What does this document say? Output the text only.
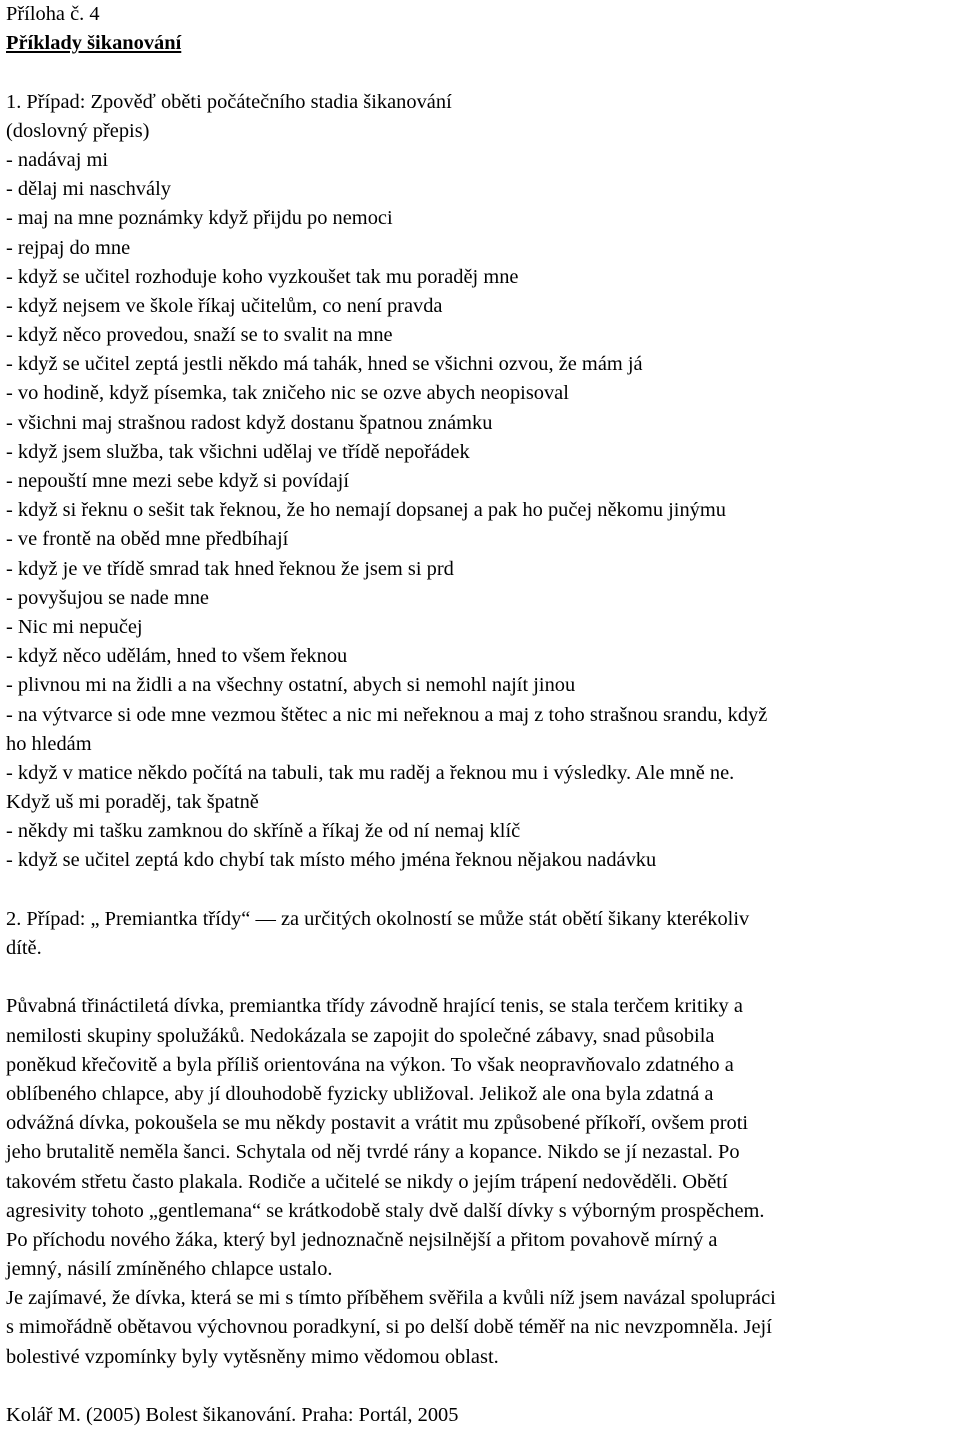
Příloha č. 4
Příklady šikanování
1. Případ: Zpověď oběti počátečního stadia šikanování
(doslovný přepis)
- nadávaj mi
- dělaj mi naschvály
- maj na mne poznámky když přijdu po nemoci
- rejpaj do mne
- když se učitel rozhoduje koho vyzkoušet tak mu poraděj mne
- když nejsem ve škole říkaj učitelům, co není pravda
- když něco provedou, snaží se to svalit na mne
- když se učitel zeptá jestli někdo má tahák, hned se všichni ozvou, že mám já
- vo hodině, když písemka, tak zničeho nic se ozve abych neopisoval
- všichni maj strašnou radost když dostanu špatnou známku
- když jsem služba, tak všichni udělaj ve třídě nepořádek
- nepouští mne mezi sebe když si povídají
- když si řeknu o sešit tak řeknou, že ho nemají dopsanej a pak ho pučej někomu jinýmu
- ve frontě na oběd mne předbíhají
- když je ve třídě smrad tak hned řeknou že jsem si prd
- povyšujou se nade mne
- Nic mi nepučej
- když něco udělám, hned to všem řeknou
- plivnou mi na židli a na všechny ostatní, abych si nemohl najít jinou
- na výtvarce si ode mne vezmou štětec a nic mi neřeknou a maj z toho strašnou srandu, když
ho hledám
- když v matice někdo počítá na tabuli, tak mu raděj a řeknou mu i výsledky. Ale mně ne.
Když uš mi poraděj, tak špatně
- někdy mi tašku zamknou do skříně a říkaj že od ní nemaj klíč
- když se učitel zeptá kdo chybí tak místo mého jména řeknou nějakou nadávku
2. Případ: „ Premiantka třídy“ — za určitých okolností se může stát obětí šikany kterékoliv
dítě.
Půvabná třináctiletá dívka, premiantka třídy závodně hrající tenis, se stala terčem kritiky a
nemilosti skupiny spolužáků. Nedokázala se zapojit do společné zábavy, snad působila
poněkud křečovitě a byla příliš orientována na výkon. To však neopravňovalo zdatného a
oblíbeného chlapce, aby jí dlouhodobě fyzicky ubližoval. Jelikož ale ona byla zdatná a
odvážná dívka, pokoušela se mu někdy postavit a vrátit mu způsobené příkoří, ovšem proti
jeho brutalitě neměla šanci. Schytala od něj tvrdé rány a kopance. Nikdo se jí nezastal. Po
takovém střetu často plakala. Rodiče a učitelé se nikdy o jejím trápení nedověděli. Obětí
agresivity tohoto „gentlemana“ se krátkodobě staly dvě další dívky s výborným prospěchem.
Po příchodu nového žáka, který byl jednoznačně nejsilnější a přitom povahově mírný a
jemný, násilí zmíněného chlapce ustalo.
Je zajímavé, že dívka, která se mi s tímto příběhem svěřila a kvůli níž jsem navázal spolupráci
s mimořádně obětavou výchovnou poradkyní, si po delší době téměř na nic nevzpomněla. Její
bolestivé vzpomínky byly vytěsněny mimo vědomou oblast.
Kolář M. (2005) Bolest šikanování. Praha: Portál, 2005
